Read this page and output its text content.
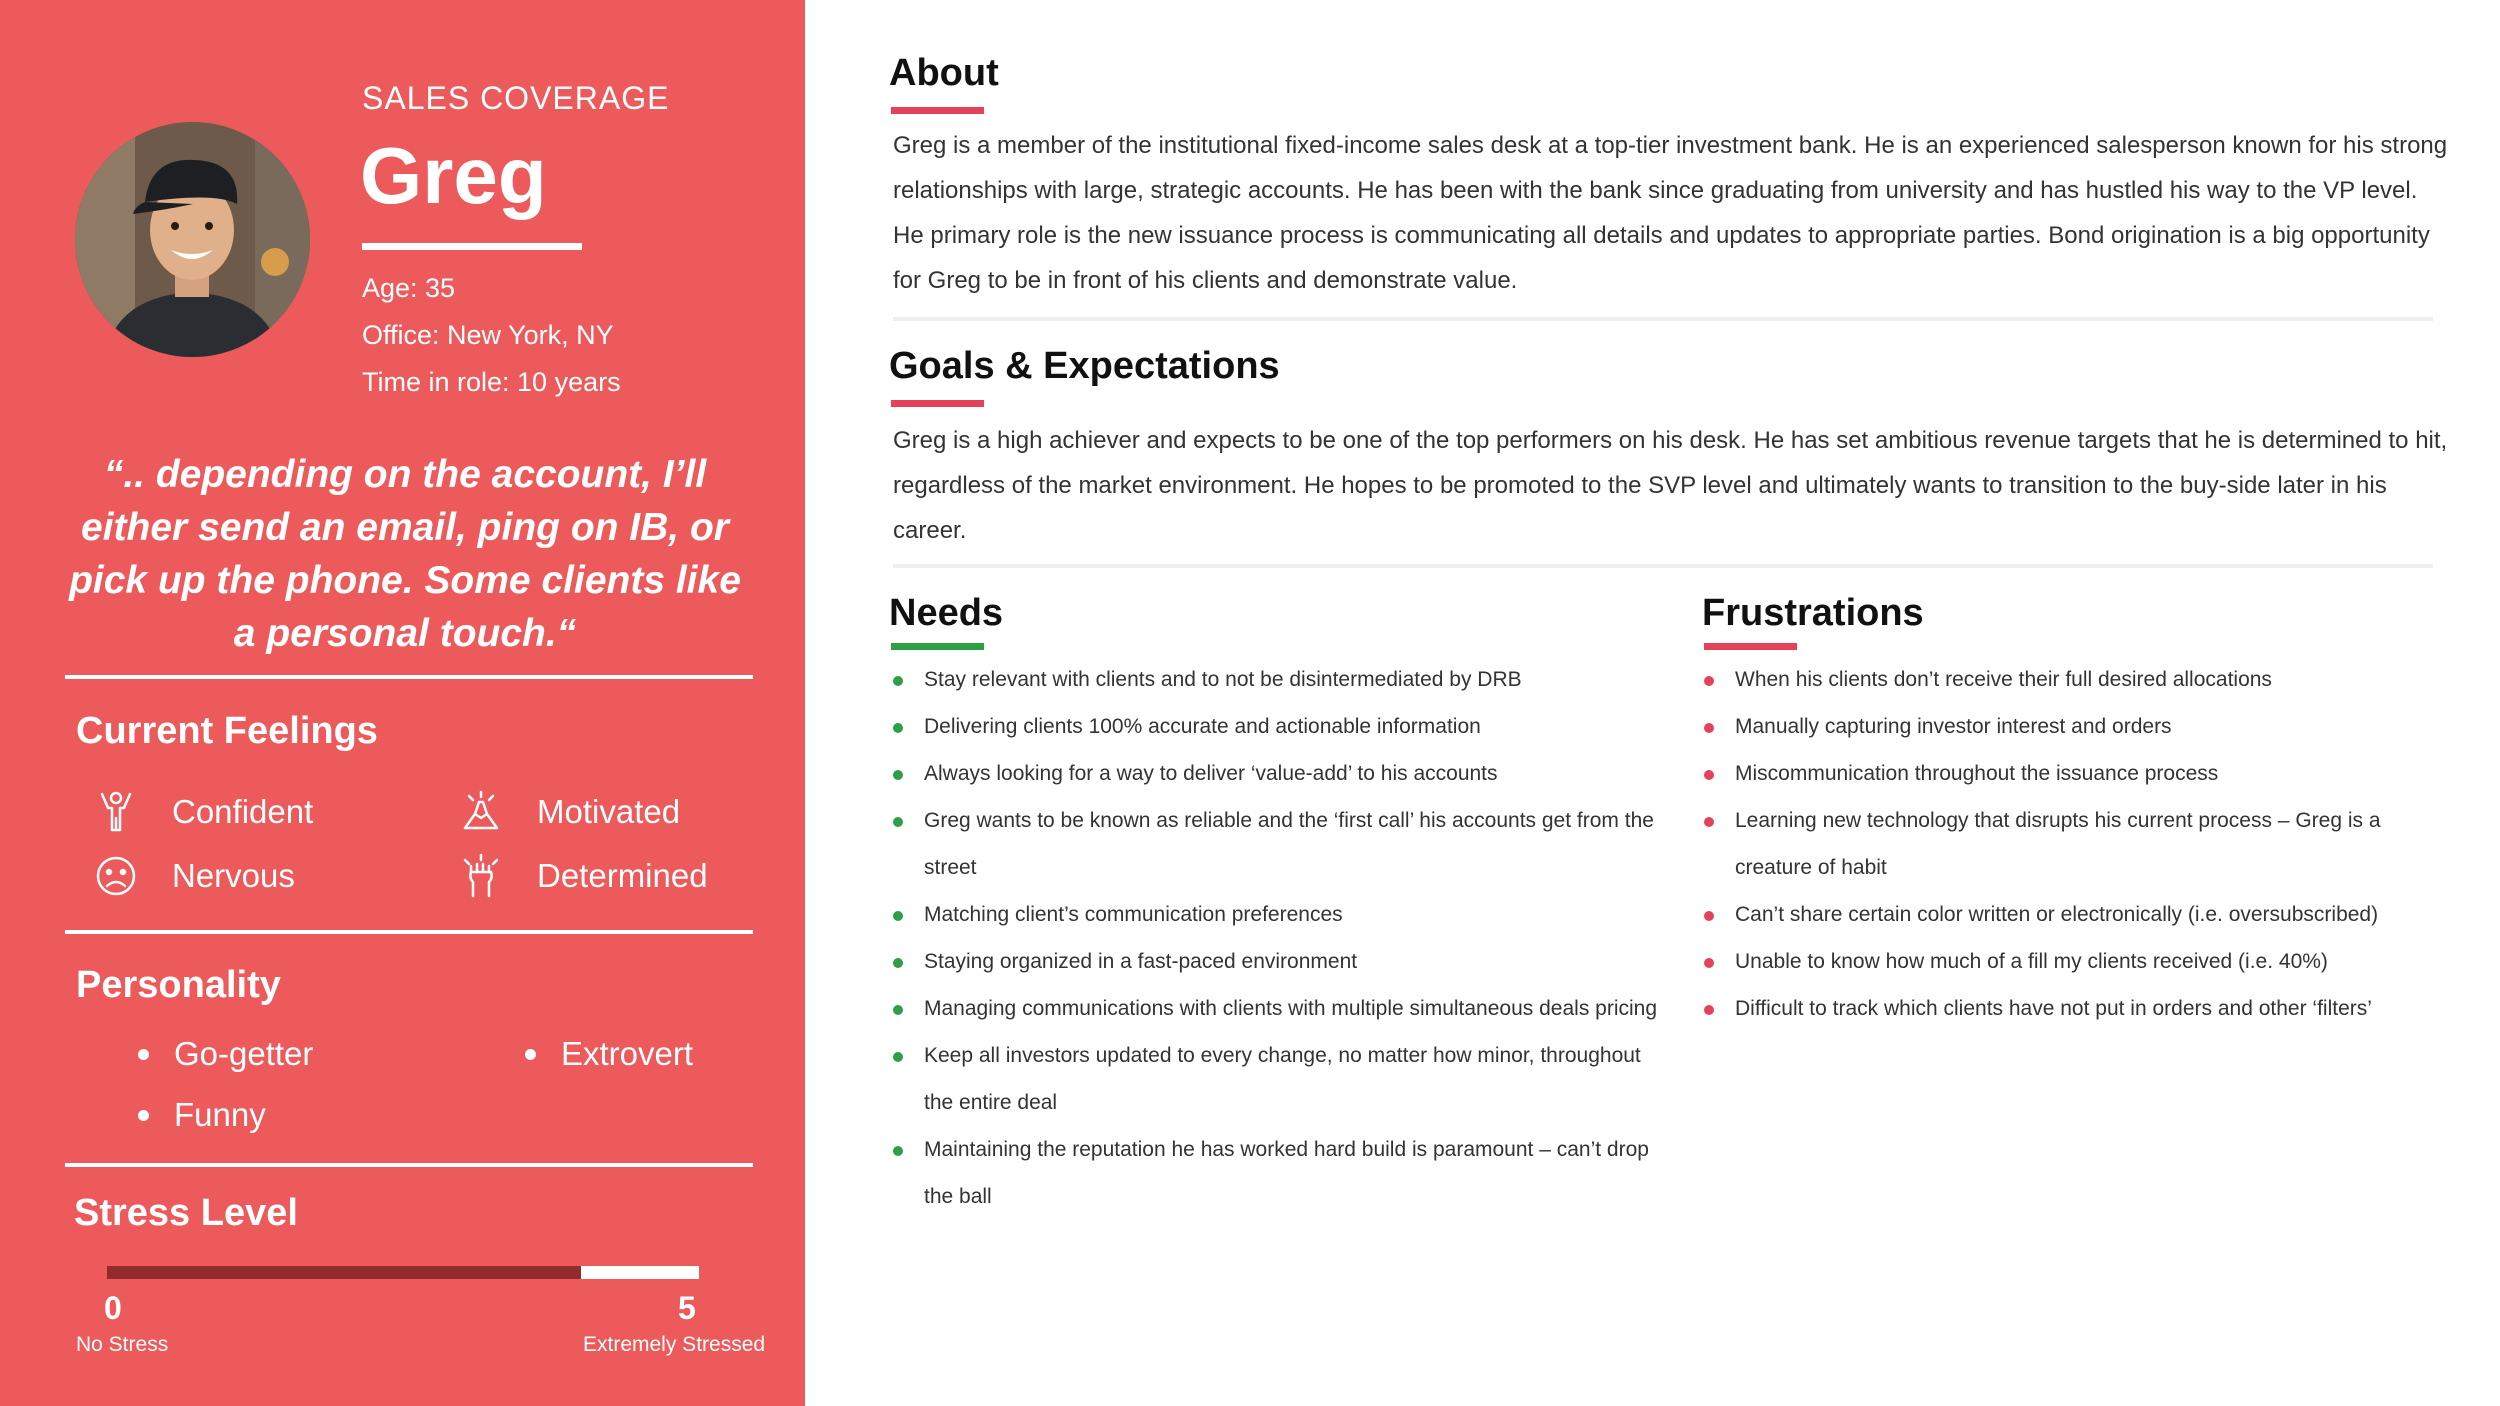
SALES COVERAGE
Greg
Age: 35
Office: New York, NY
Time in role: 10 years
“.. depending on the account, I’ll either send an email, ping on IB, or pick up the phone. Some clients like a personal touch.“
Current Feelings
Confident	Motivated
Nervous	Determined
Personality
Go-getter	Extrovert
Funny
Stress Level
0	5
No Stress	Extremely Stressed
About
Greg is a member of the institutional fixed-income sales desk at a top-tier investment bank. He is an experienced salesperson known for his strong relationships with large, strategic accounts. He has been with the bank since graduating from university and has hustled his way to the VP level. He primary role is the new issuance process is communicating all details and updates to appropriate parties. Bond origination is a big opportunity for Greg to be in front of his clients and demonstrate value.
Goals & Expectations
Greg is a high achiever and expects to be one of the top performers on his desk. He has set ambitious revenue targets that he is determined to hit, regardless of the market environment. He hopes to be promoted to the SVP level and ultimately wants to transition to the buy-side later in his career.
Needs
Stay relevant with clients and to not be disintermediated by DRB
Delivering clients 100% accurate and actionable information
Always looking for a way to deliver ‘value-add’ to his accounts
Greg wants to be known as reliable and the ‘first call’ his accounts get from the street
Matching client’s communication preferences
Staying organized in a fast-paced environment
Managing communications with clients with multiple simultaneous deals pricing
Keep all investors updated to every change, no matter how minor, throughout the entire deal
Maintaining the reputation he has worked hard build is paramount – can’t drop the ball
Frustrations
When his clients don’t receive their full desired allocations
Manually capturing investor interest and orders
Miscommunication throughout the issuance process
Learning new technology that disrupts his current process – Greg is a creature of habit
Can’t share certain color written or electronically (i.e. oversubscribed)
Unable to know how much of a fill my clients received (i.e. 40%)
Difficult to track which clients have not put in orders and other ‘filters’
